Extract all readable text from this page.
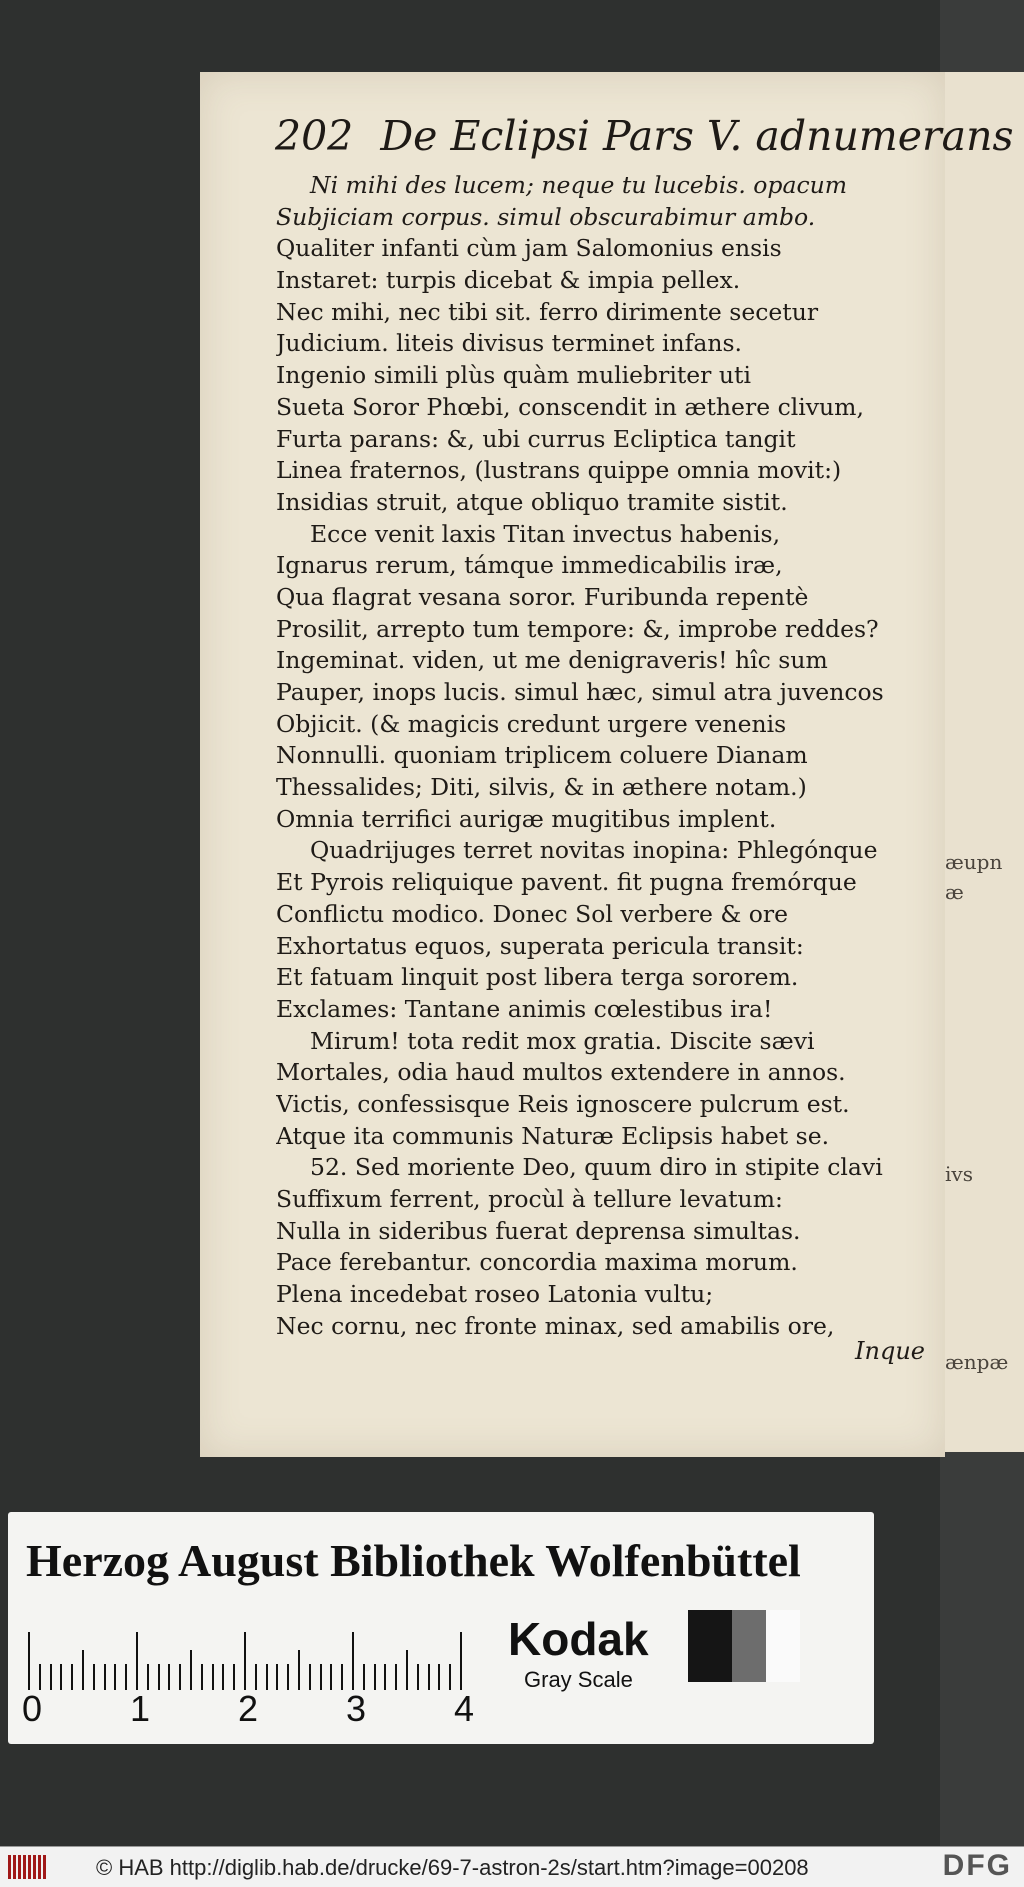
æupn
æ
ivs
ænpæ
202 De Eclipsi Pars V. adnumerans
Ni mihi des lucem; neque tu lucebis. opacum
Subjiciam corpus. simul obscurabimur ambo.
Qualiter infanti cùm jam Salomonius ensis
Instaret: turpis dicebat & impia pellex.
Nec mihi, nec tibi sit. ferro dirimente secetur
Judicium. liteis divisus terminet infans.
Ingenio simili plùs quàm muliebriter uti
Sueta Soror Phœbi, conscendit in æthere clivum,
Furta parans: &, ubi currus Ecliptica tangit
Linea fraternos, (lustrans quippe omnia movit:)
Insidias struit, atque obliquo tramite sistit.
Ecce venit laxis Titan invectus habenis,
Ignarus rerum, támque immedicabilis iræ,
Qua flagrat vesana soror. Furibunda repentè
Prosilit, arrepto tum tempore: &, improbe reddes?
Ingeminat. viden, ut me denigraveris! hîc sum
Pauper, inops lucis. simul hæc, simul atra juvencos
Objicit. (& magicis credunt urgere venenis
Nonnulli. quoniam triplicem coluere Dianam
Thessalides; Diti, silvis, & in æthere notam.)
Omnia terrifici aurigæ mugitibus implent.
Quadrijuges terret novitas inopina: Phlegónque
Et Pyrois reliquique pavent. fit pugna fremórque
Conflictu modico. Donec Sol verbere & ore
Exhortatus equos, superata pericula transit:
Et fatuam linquit post libera terga sororem.
Exclames: Tantane animis cœlestibus ira!
Mirum! tota redit mox gratia. Discite sævi
Mortales, odia haud multos extendere in annos.
Victis, confessisque Reis ignoscere pulcrum est.
Atque ita communis Naturæ Eclipsis habet se.
52. Sed moriente Deo, quum diro in stipite clavi
Suffixum ferrent, procùl à tellure levatum:
Nulla in sideribus fuerat deprensa simultas.
Pace ferebantur. concordia maxima morum.
Plena incedebat roseo Latonia vultu;
Nec cornu, nec fronte minax, sed amabilis ore,
Inque
Herzog August Bibliothek Wolfenbüttel
0 1 2 3 4
Kodak
Gray Scale
© HAB http://diglib.hab.de/drucke/69-7-astron-2s/start.htm?image=00208	DFG
